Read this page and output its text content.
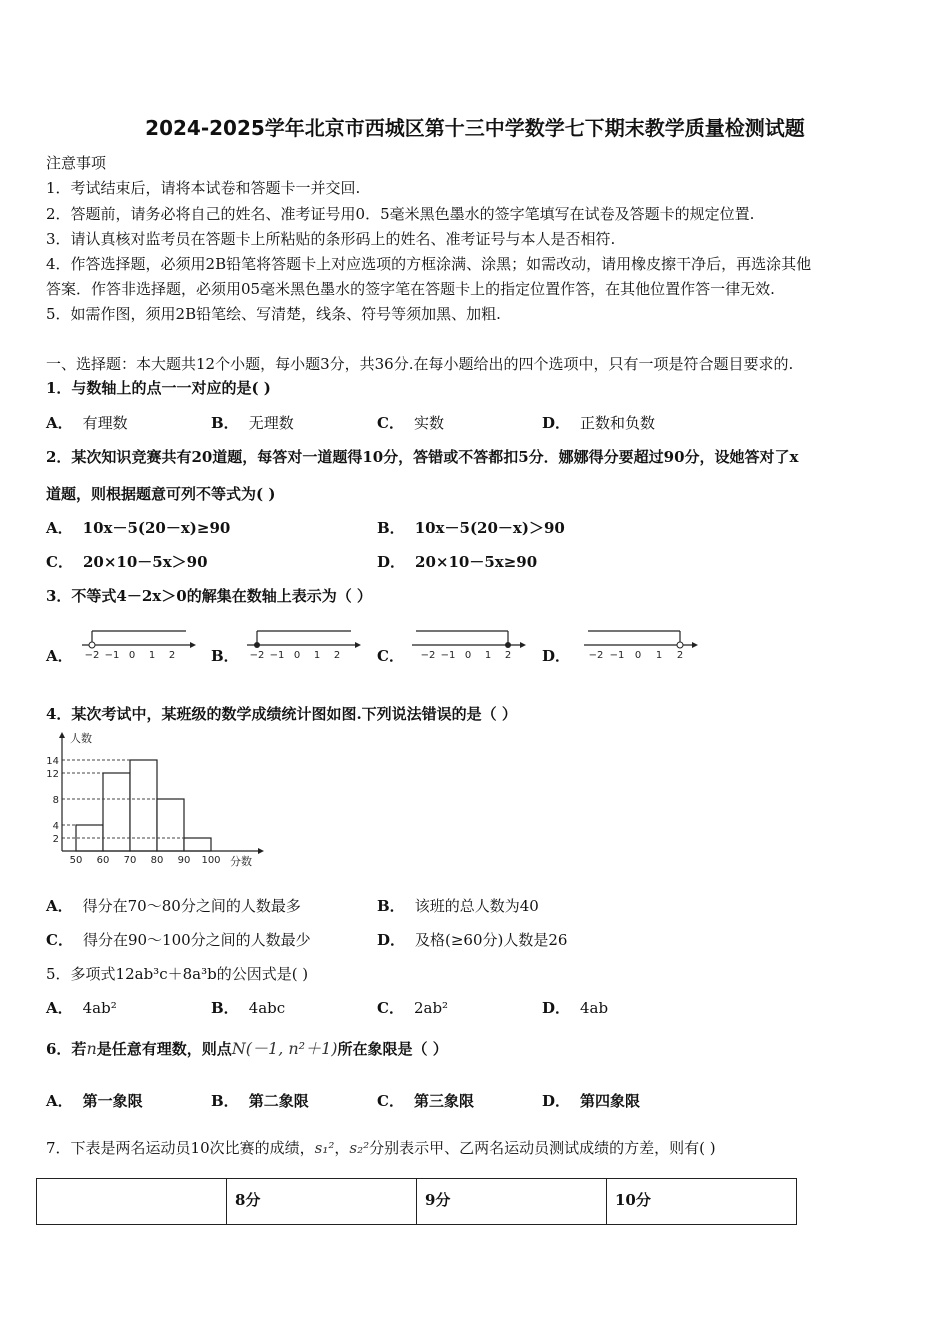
2024-2025学年北京市西城区第十三中学数学七下期末教学质量检测试题
注意事项
1．考试结束后，请将本试卷和答题卡一并交回.
2．答题前，请务必将自己的姓名、准考证号用0．5毫米黑色墨水的签字笔填写在试卷及答题卡的规定位置.
3．请认真核对监考员在答题卡上所粘贴的条形码上的姓名、准考证号与本人是否相符.
4．作答选择题，必须用2B铅笔将答题卡上对应选项的方框涂满、涂黑；如需改动，请用橡皮擦干净后，再选涂其他
答案．作答非选择题，必须用05毫米黑色墨水的签字笔在答题卡上的指定位置作答，在其他位置作答一律无效.
5．如需作图，须用2B铅笔绘、写清楚，线条、符号等须加黑、加粗.
一、选择题：本大题共12个小题，每小题3分，共36分.在每小题给出的四个选项中，只有一项是符合题目要求的.
1．与数轴上的点一一对应的是( )
A． 有理数	B． 无理数	C． 实数	D． 正数和负数
2．某次知识竞赛共有20道题，每答对一道题得10分，答错或不答都扣5分．娜娜得分要超过90分，设她答对了x
道题，则根据题意可列不等式为( )
A． 10x－5(20－x)≥90	B． 10x－5(20－x)＞90
C． 20×10－5x＞90	D． 20×10－5x≥90
3．不等式4－2x＞0的解集在数轴上表示为（ ）
A．	B．	C．	D．
−2 −1 0 1 2	−2 −1 0 1 2	−2 −1 0 1 2	−2 −1 0 1 2
4．某次考试中，某班级的数学成绩统计图如图.下列说法错误的是（ ）
人数
分数
50 60 70 80 90 100
2
4
8
12
14
A． 得分在70～80分之间的人数最多	B． 该班的总人数为40
C． 得分在90～100分之间的人数最少	D． 及格(≥60分)人数是26
5．多项式12ab³c＋8a³b的公因式是( )
A． 4ab²	B． 4abc	C． 2ab²	D． 4ab
6．若n是任意有理数，则点N(－1, n²＋1)所在象限是（ ）
A． 第一象限	B． 第二象限	C． 第三象限	D． 第四象限
7．下表是两名运动员10次比赛的成绩，s₁²，s₂²分别表示甲、乙两名运动员测试成绩的方差，则有( )
	8分	9分	10分
